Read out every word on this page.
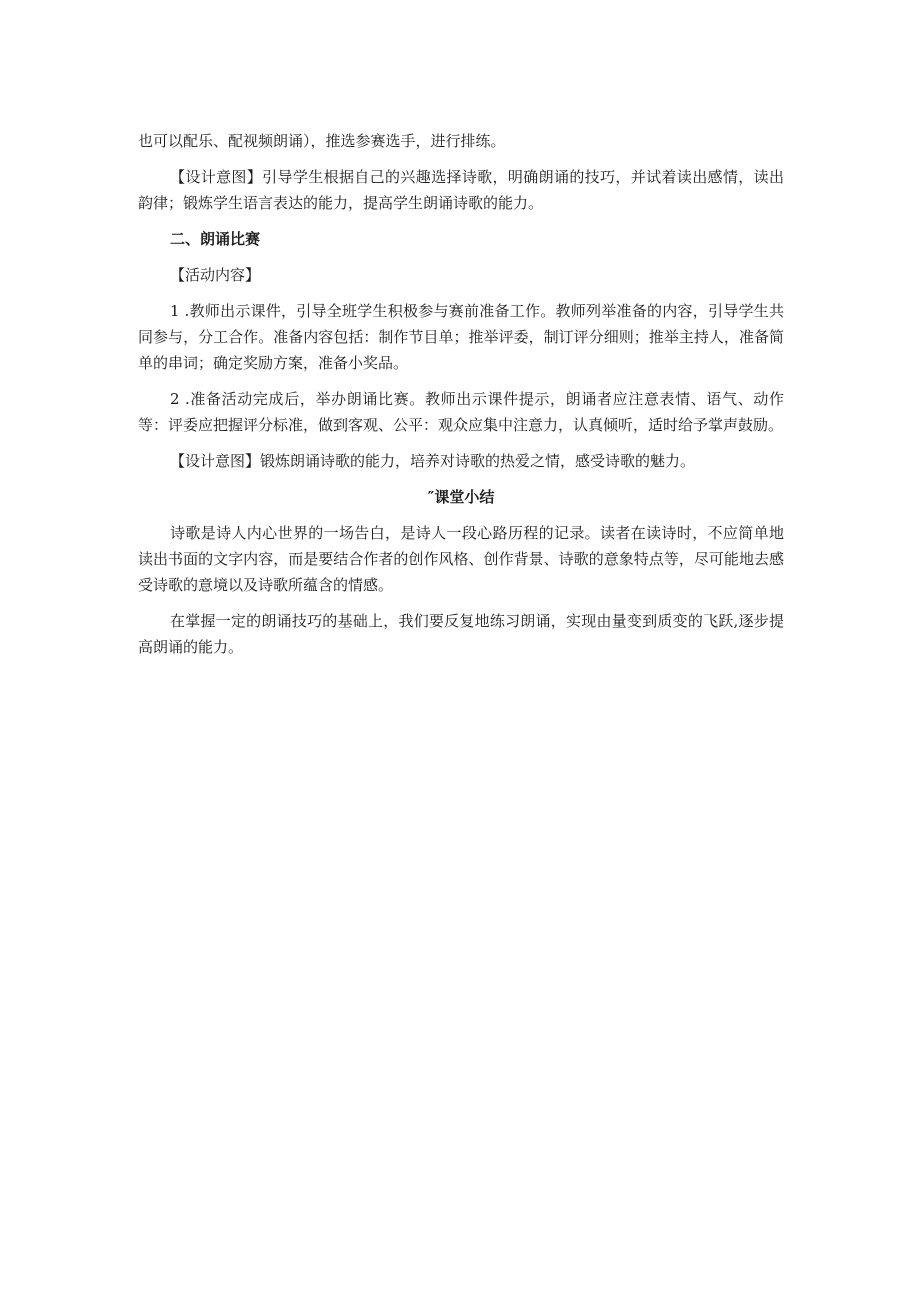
也可以配乐、配视频朗诵），推选参赛选手，进行排练。

【设计意图】引导学生根据自己的兴趣选择诗歌，明确朗诵的技巧，并试着读出感情，读出韵律；锻炼学生语言表达的能力，提高学生朗诵诗歌的能力。

二、朗诵比赛

【活动内容】

1 .教师出示课件，引导全班学生积极参与赛前准备工作。教师列举准备的内容，引导学生共同参与，分工合作。准备内容包括：制作节目单；推举评委，制订评分细则；推举主持人，准备简单的串词；确定奖励方案，准备小奖品。

2 .准备活动完成后，举办朗诵比赛。教师出示课件提示，朗诵者应注意表情、语气、动作等：评委应把握评分标准，做到客观、公平：观众应集中注意力，认真倾听，适时给予掌声鼓励。

【设计意图】锻炼朗诵诗歌的能力，培养对诗歌的热爱之情，感受诗歌的魅力。

″课堂小结

诗歌是诗人内心世界的一场告白，是诗人一段心路历程的记录。读者在读诗时，不应简单地读出书面的文字内容，而是要结合作者的创作风格、创作背景、诗歌的意象特点等，尽可能地去感受诗歌的意境以及诗歌所蕴含的情感。

在掌握一定的朗诵技巧的基础上，我们要反复地练习朗诵，实现由量变到质变的飞跃,逐步提高朗诵的能力。
